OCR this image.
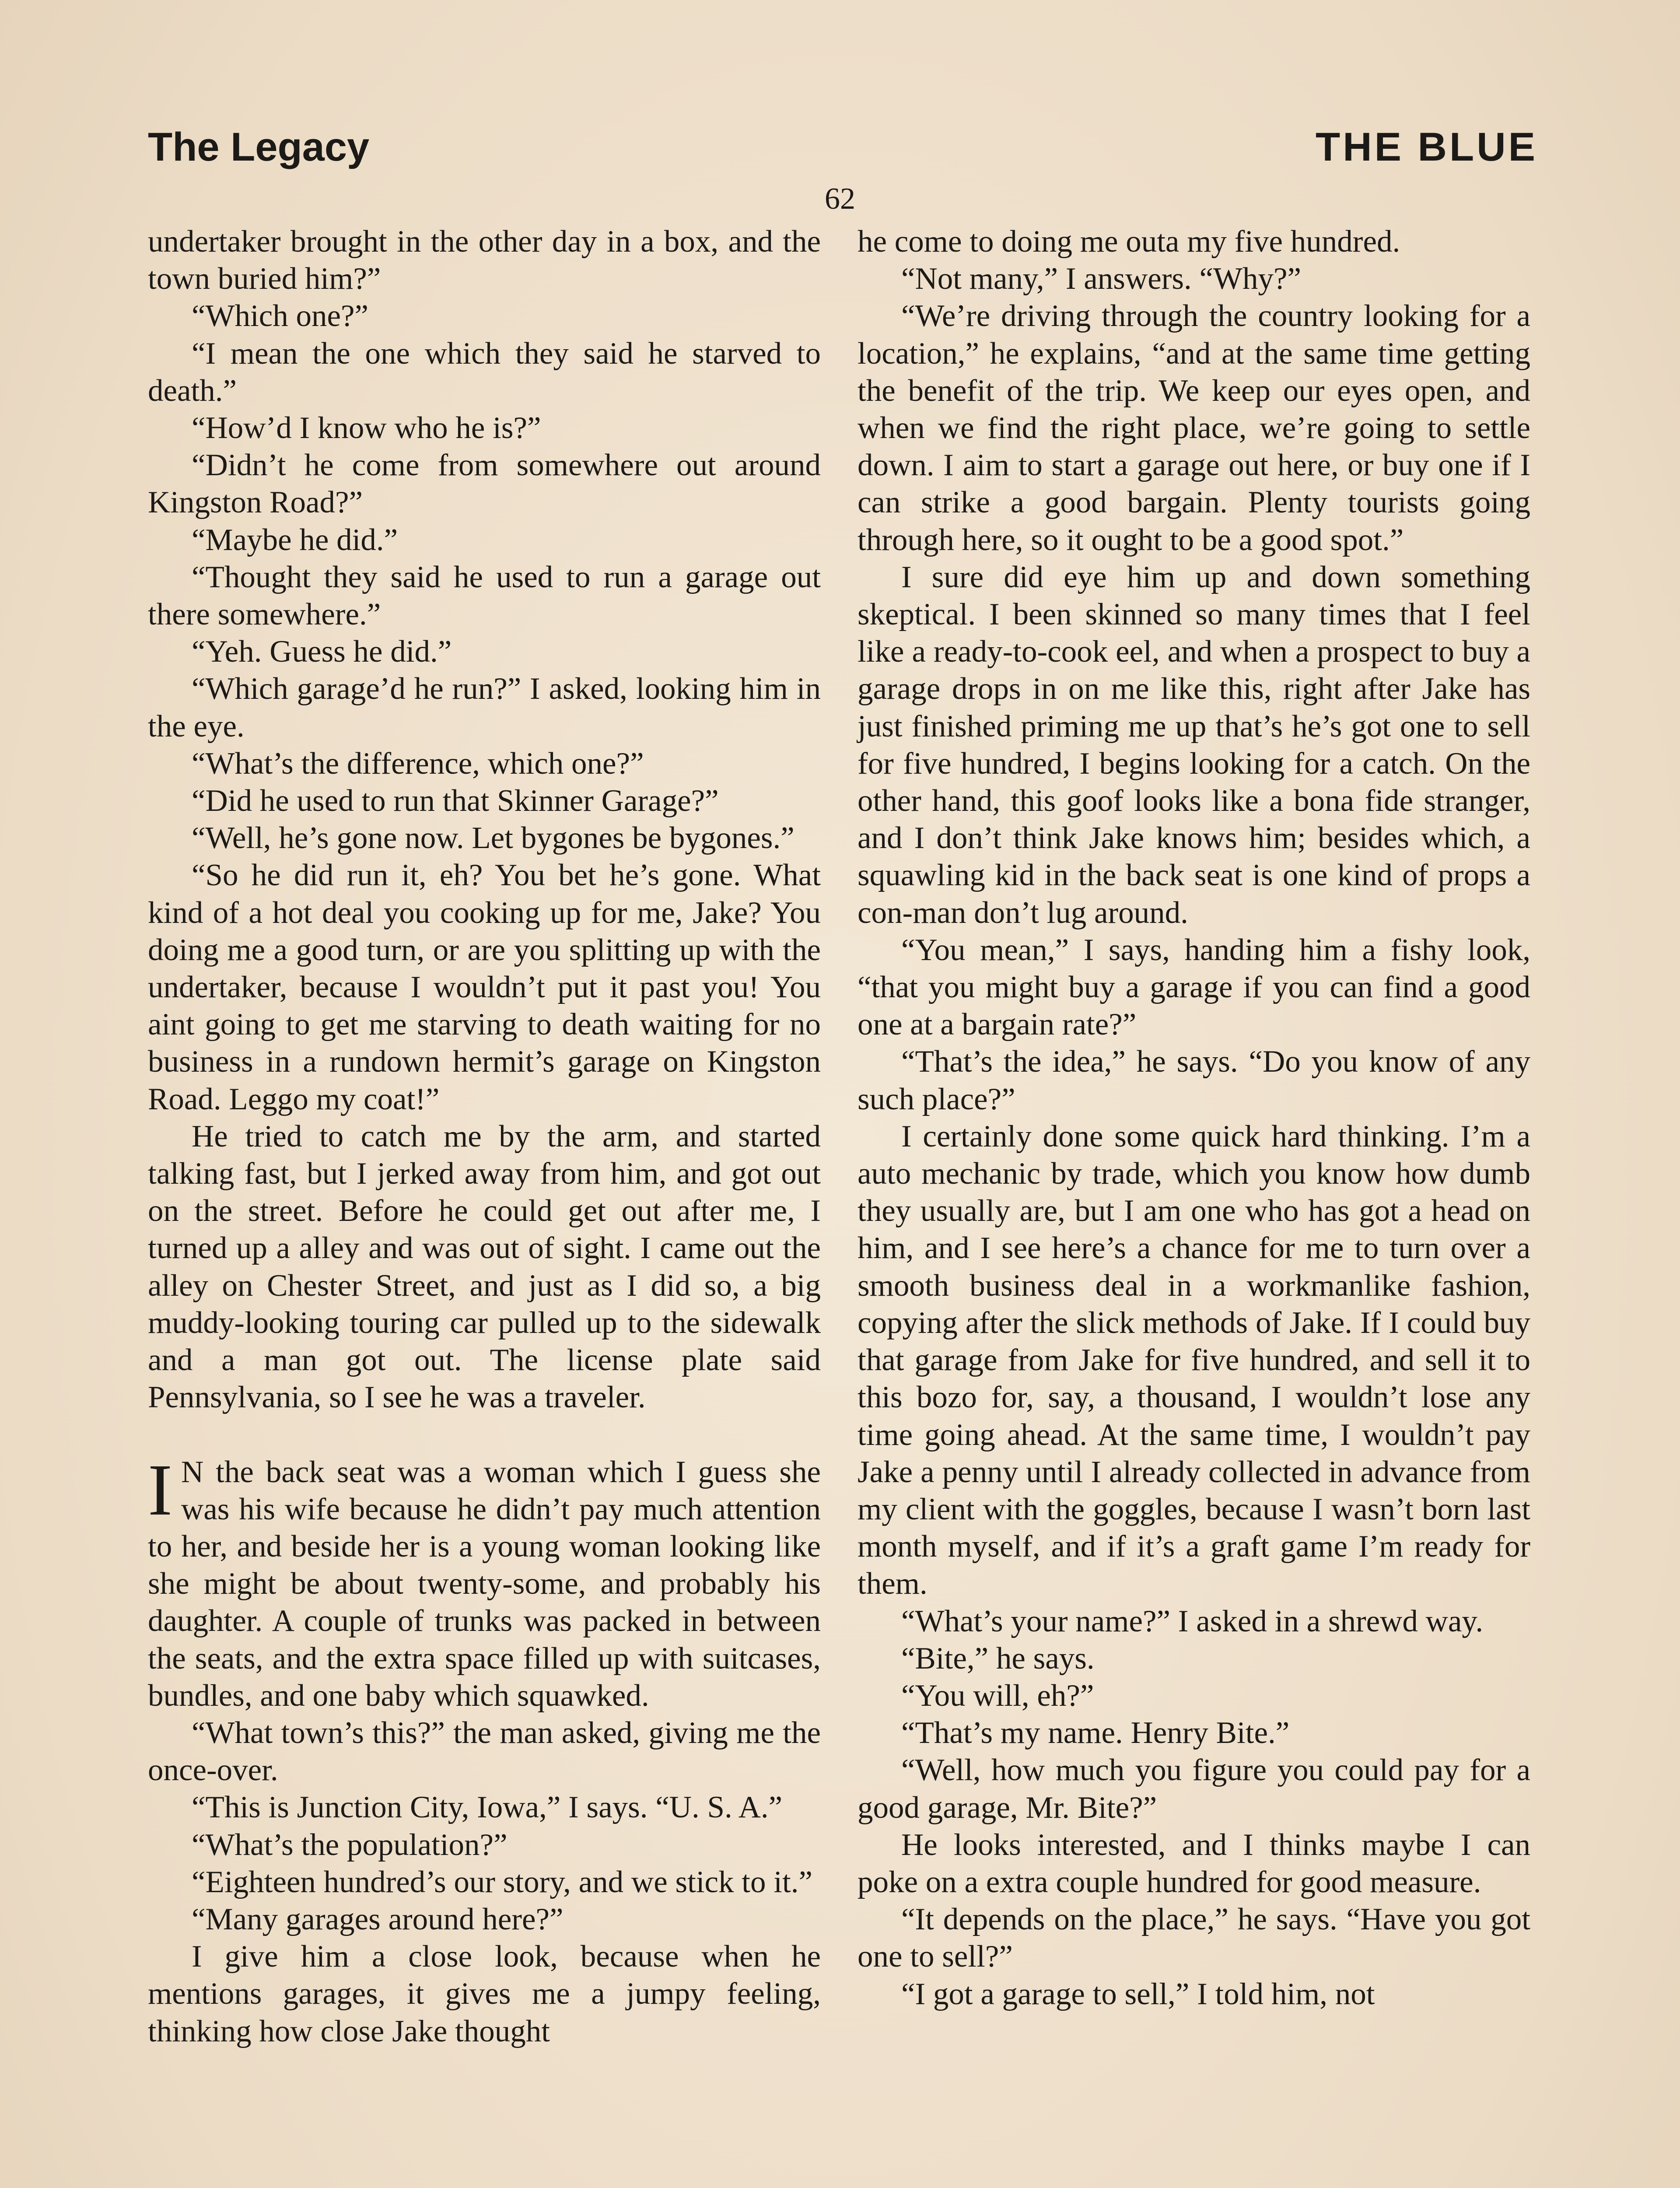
The Legacy	THE BLUE
62

undertaker brought in the other day in a box, and the town buried him?”

“Which one?”

“I mean the one which they said he starved to death.”

“How’d I know who he is?”

“Didn’t he come from somewhere out around Kingston Road?”

“Maybe he did.”

“Thought they said he used to run a garage out there somewhere.”

“Yeh. Guess he did.”

“Which garage’d he run?” I asked, looking him in the eye.

“What’s the difference, which one?”

“Did he used to run that Skinner Garage?”

“Well, he’s gone now. Let bygones be bygones.”

“So he did run it, eh? You bet he’s gone. What kind of a hot deal you cooking up for me, Jake? You doing me a good turn, or are you splitting up with the undertaker, because I wouldn’t put it past you! You aint going to get me starving to death waiting for no business in a rundown hermit’s garage on Kingston Road. Leggo my coat!”

He tried to catch me by the arm, and started talking fast, but I jerked away from him, and got out on the street. Before he could get out after me, I turned up a alley and was out of sight. I came out the alley on Chester Street, and just as I did so, a big muddy-looking touring car pulled up to the sidewalk and a man got out. The license plate said Pennsylvania, so I see he was a traveler.

I N the back seat was a woman which I guess she was his wife because he didn’t pay much attention to her, and beside her is a young woman looking like she might be about twenty-some, and probably his daughter. A couple of trunks was packed in between the seats, and the extra space filled up with suitcases, bundles, and one baby which squawked.

“What town’s this?” the man asked, giving me the once-over.

“This is Junction City, Iowa,” I says. “U. S. A.”

“What’s the population?”

“Eighteen hundred’s our story, and we stick to it.”

“Many garages around here?”

I give him a close look, because when he mentions garages, it gives me a jumpy feeling, thinking how close Jake thought

he come to doing me outa my five hundred.

“Not many,” I answers. “Why?”

“We’re driving through the country looking for a location,” he explains, “and at the same time getting the benefit of the trip. We keep our eyes open, and when we find the right place, we’re going to settle down. I aim to start a garage out here, or buy one if I can strike a good bargain. Plenty tourists going through here, so it ought to be a good spot.”

I sure did eye him up and down something skeptical. I been skinned so many times that I feel like a ready-to-cook eel, and when a prospect to buy a garage drops in on me like this, right after Jake has just finished priming me up that’s he’s got one to sell for five hundred, I begins looking for a catch. On the other hand, this goof looks like a bona fide stranger, and I don’t think Jake knows him; besides which, a squawling kid in the back seat is one kind of props a con-man don’t lug around.

“You mean,” I says, handing him a fishy look, “that you might buy a garage if you can find a good one at a bargain rate?”

“That’s the idea,” he says. “Do you know of any such place?”

I certainly done some quick hard thinking. I’m a auto mechanic by trade, which you know how dumb they usually are, but I am one who has got a head on him, and I see here’s a chance for me to turn over a smooth business deal in a workmanlike fashion, copying after the slick methods of Jake. If I could buy that garage from Jake for five hundred, and sell it to this bozo for, say, a thousand, I wouldn’t lose any time going ahead. At the same time, I wouldn’t pay Jake a penny until I already collected in advance from my client with the goggles, because I wasn’t born last month myself, and if it’s a graft game I’m ready for them.

“What’s your name?” I asked in a shrewd way.

“Bite,” he says.

“You will, eh?”

“That’s my name. Henry Bite.”

“Well, how much you figure you could pay for a good garage, Mr. Bite?”

He looks interested, and I thinks maybe I can poke on a extra couple hundred for good measure.

“It depends on the place,” he says. “Have you got one to sell?”

“I got a garage to sell,” I told him, not
